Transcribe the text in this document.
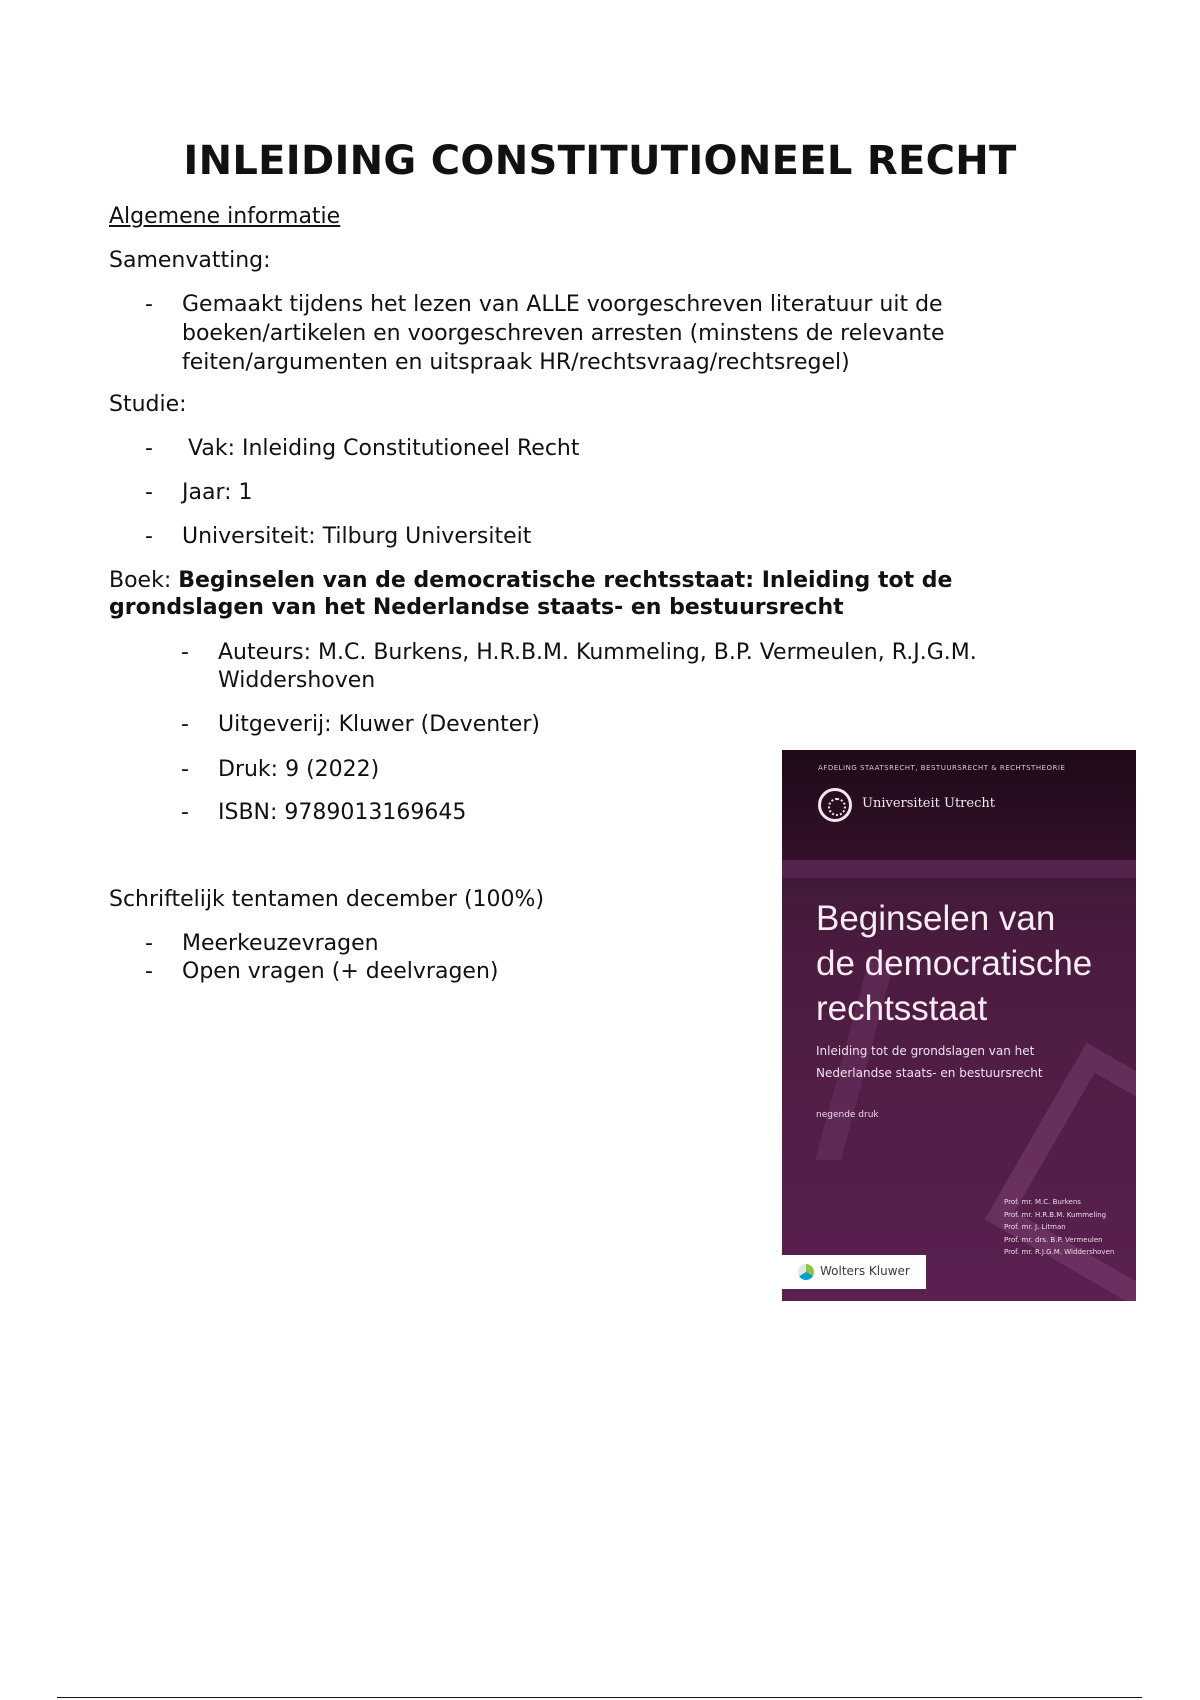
INLEIDING CONSTITUTIONEEL RECHT

Algemene informatie

Samenvatting:

-	Gemaakt tijdens het lezen van ALLE voorgeschreven literatuur uit de
boeken/artikelen en voorgeschreven arresten (minstens de relevante
feiten/argumenten en uitspraak HR/rechtsvraag/rechtsregel)

Studie:

-	Vak: Inleiding Constitutioneel Recht
-	Jaar: 1
-	Universiteit: Tilburg Universiteit

Boek: Beginselen van de democratische rechtsstaat: Inleiding tot de

grondslagen van het Nederlandse staats- en bestuursrecht

-	Auteurs: M.C. Burkens, H.R.B.M. Kummeling, B.P. Vermeulen, R.J.G.M.
Widdershoven
-	Uitgeverij: Kluwer (Deventer)
-	Druk: 9 (2022)
-	ISBN: 9789013169645

Schriftelijk tentamen december (100%)

-	Meerkeuzevragen
-	Open vragen (+ deelvragen)
AFDELING STAATSRECHT, BESTUURSRECHT & RECHTSTHEORIE
Universiteit Utrecht
Beginselen van
de democratische
rechtsstaat
Inleiding tot de grondslagen van het
Nederlandse staats- en bestuursrecht
negende druk
Prof. mr. M.C. Burkens
Prof. mr. H.R.B.M. Kummeling
Prof. mr. J. Litman
Prof. mr. drs. B.P. Vermeulen
Prof. mr. R.J.G.M. Widdershoven
Wolters Kluwer
